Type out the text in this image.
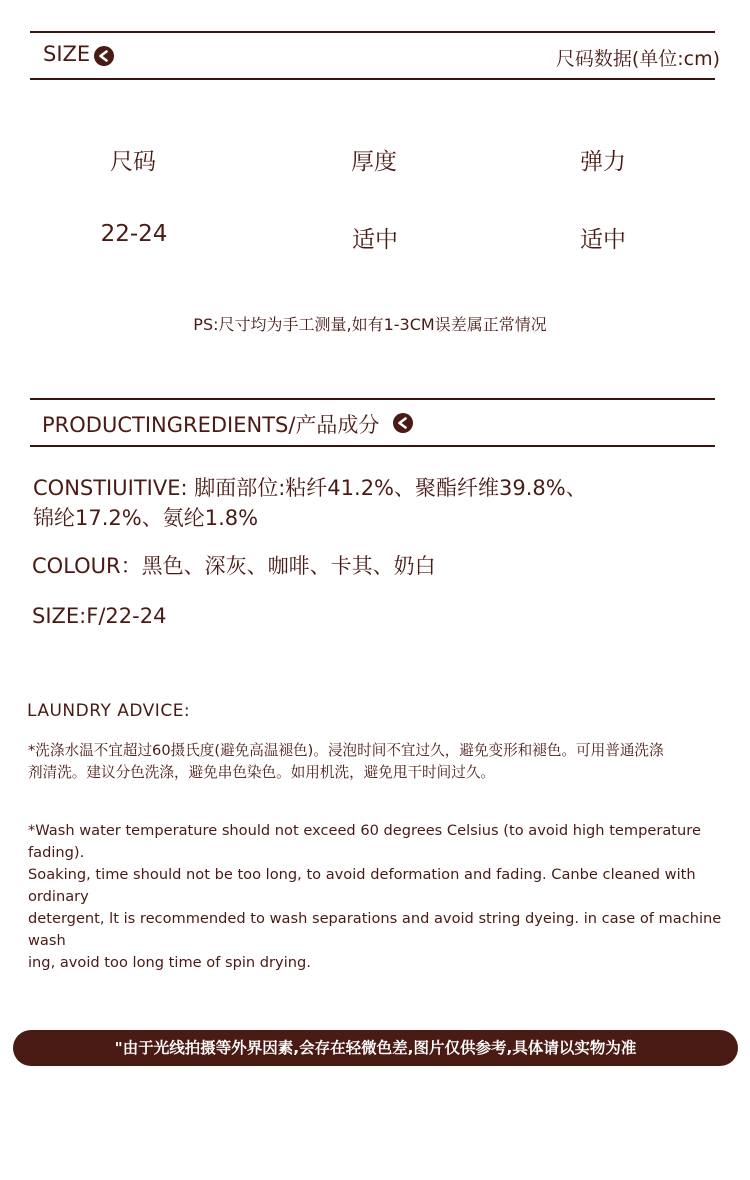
SIZE	尺码数据(单位:cm)
尺码	厚度	弹力
22-24	适中	适中
PS:尺寸均为手工测量,如有1-3CM误差属正常情况
PRODUCTINGREDIENTS/产品成分
CONSTIUITIVE: 脚面部位:粘纤41.2%、聚酯纤维39.8%、
锦纶17.2%、氨纶1.8%
COLOUR：黑色、深灰、咖啡、卡其、奶白
SIZE:F/22-24
LAUNDRY ADVICE:
*洗涤水温不宜超过60摄氏度(避免高温褪色)。浸泡时间不宜过久，避免变形和褪色。可用普通洗涤
剂清洗。建议分色洗涤，避免串色染色。如用机洗，避免甩干时间过久。
*Wash water temperature should not exceed 60 degrees Celsius (to avoid high temperature fading).
Soaking, time should not be too long, to avoid deformation and fading. Canbe cleaned with ordinary
detergent, lt is recommended to wash separations and avoid string dyeing. in case of machine wash
ing, avoid too long time of spin drying.
"由于光线拍摄等外界因素,会存在轻微色差,图片仅供参考,具体请以实物为准
